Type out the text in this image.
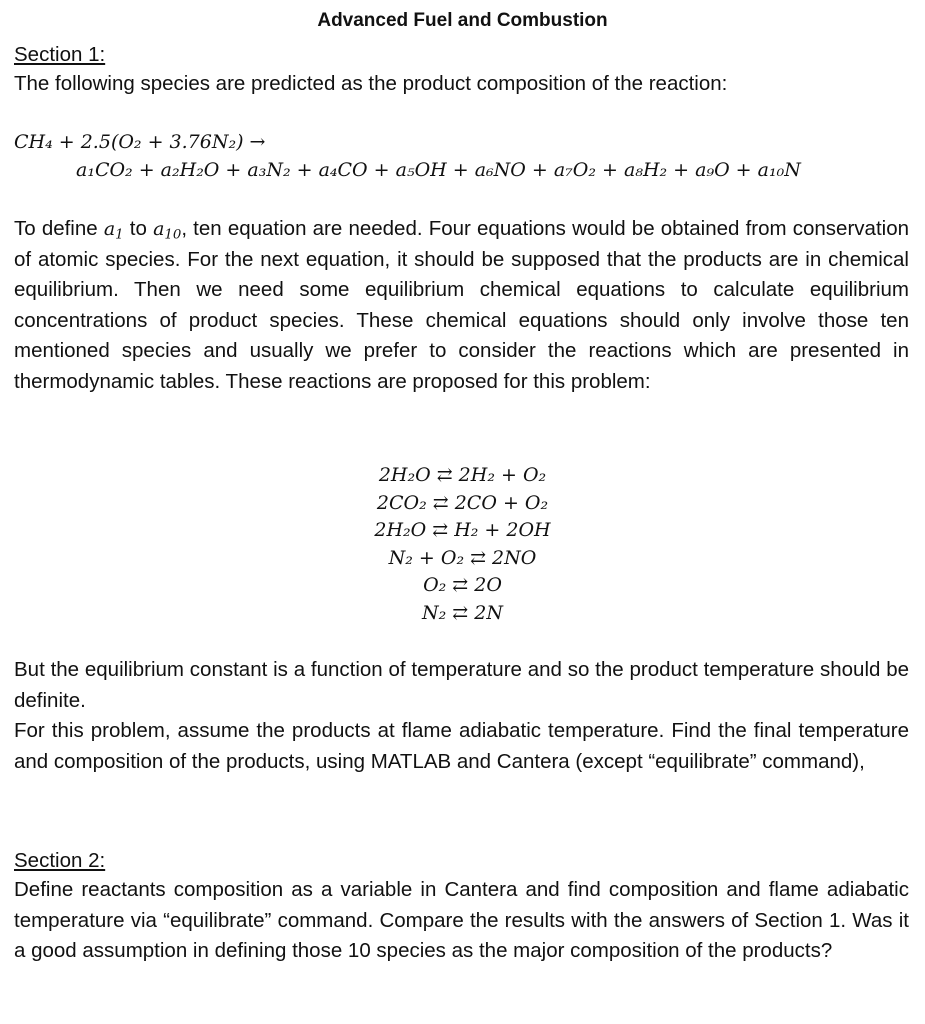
Advanced Fuel and Combustion
Section 1:
The following species are predicted as the product composition of the reaction:
CH₄ + 2.5(O₂ + 3.76N₂) →
a₁CO₂ + a₂H₂O + a₃N₂ + a₄CO + a₅OH + a₆NO + a₇O₂ + a₈H₂ + a₉O + a₁₀N

To define $a_1$ to $a_{10}$, ten equation are needed. Four equations would be obtained from conservation of atomic species. For the next equation, it should be supposed that the products are in chemical equilibrium. Then we need some equilibrium chemical equations to calculate equilibrium concentrations of product species. These chemical equations should only involve those ten mentioned species and usually we prefer to consider the reactions which are presented in thermodynamic tables. These reactions are proposed for this problem:

2H₂O ⇄ 2H₂ + O₂
2CO₂ ⇄ 2CO + O₂
2H₂O ⇄ H₂ + 2OH
N₂ + O₂ ⇄ 2NO
O₂ ⇄ 2O
N₂ ⇄ 2N
But the equilibrium constant is a function of temperature and so the product temperature should be definite.
For this problem, assume the products at flame adiabatic temperature. Find the final temperature and composition of the products, using MATLAB and Cantera (except “equilibrate” command),
Section 2:
Define reactants composition as a variable in Cantera and find composition and flame adiabatic temperature via “equilibrate” command. Compare the results with the answers of Section 1. Was it a good assumption in defining those 10 species as the major composition of the products?
